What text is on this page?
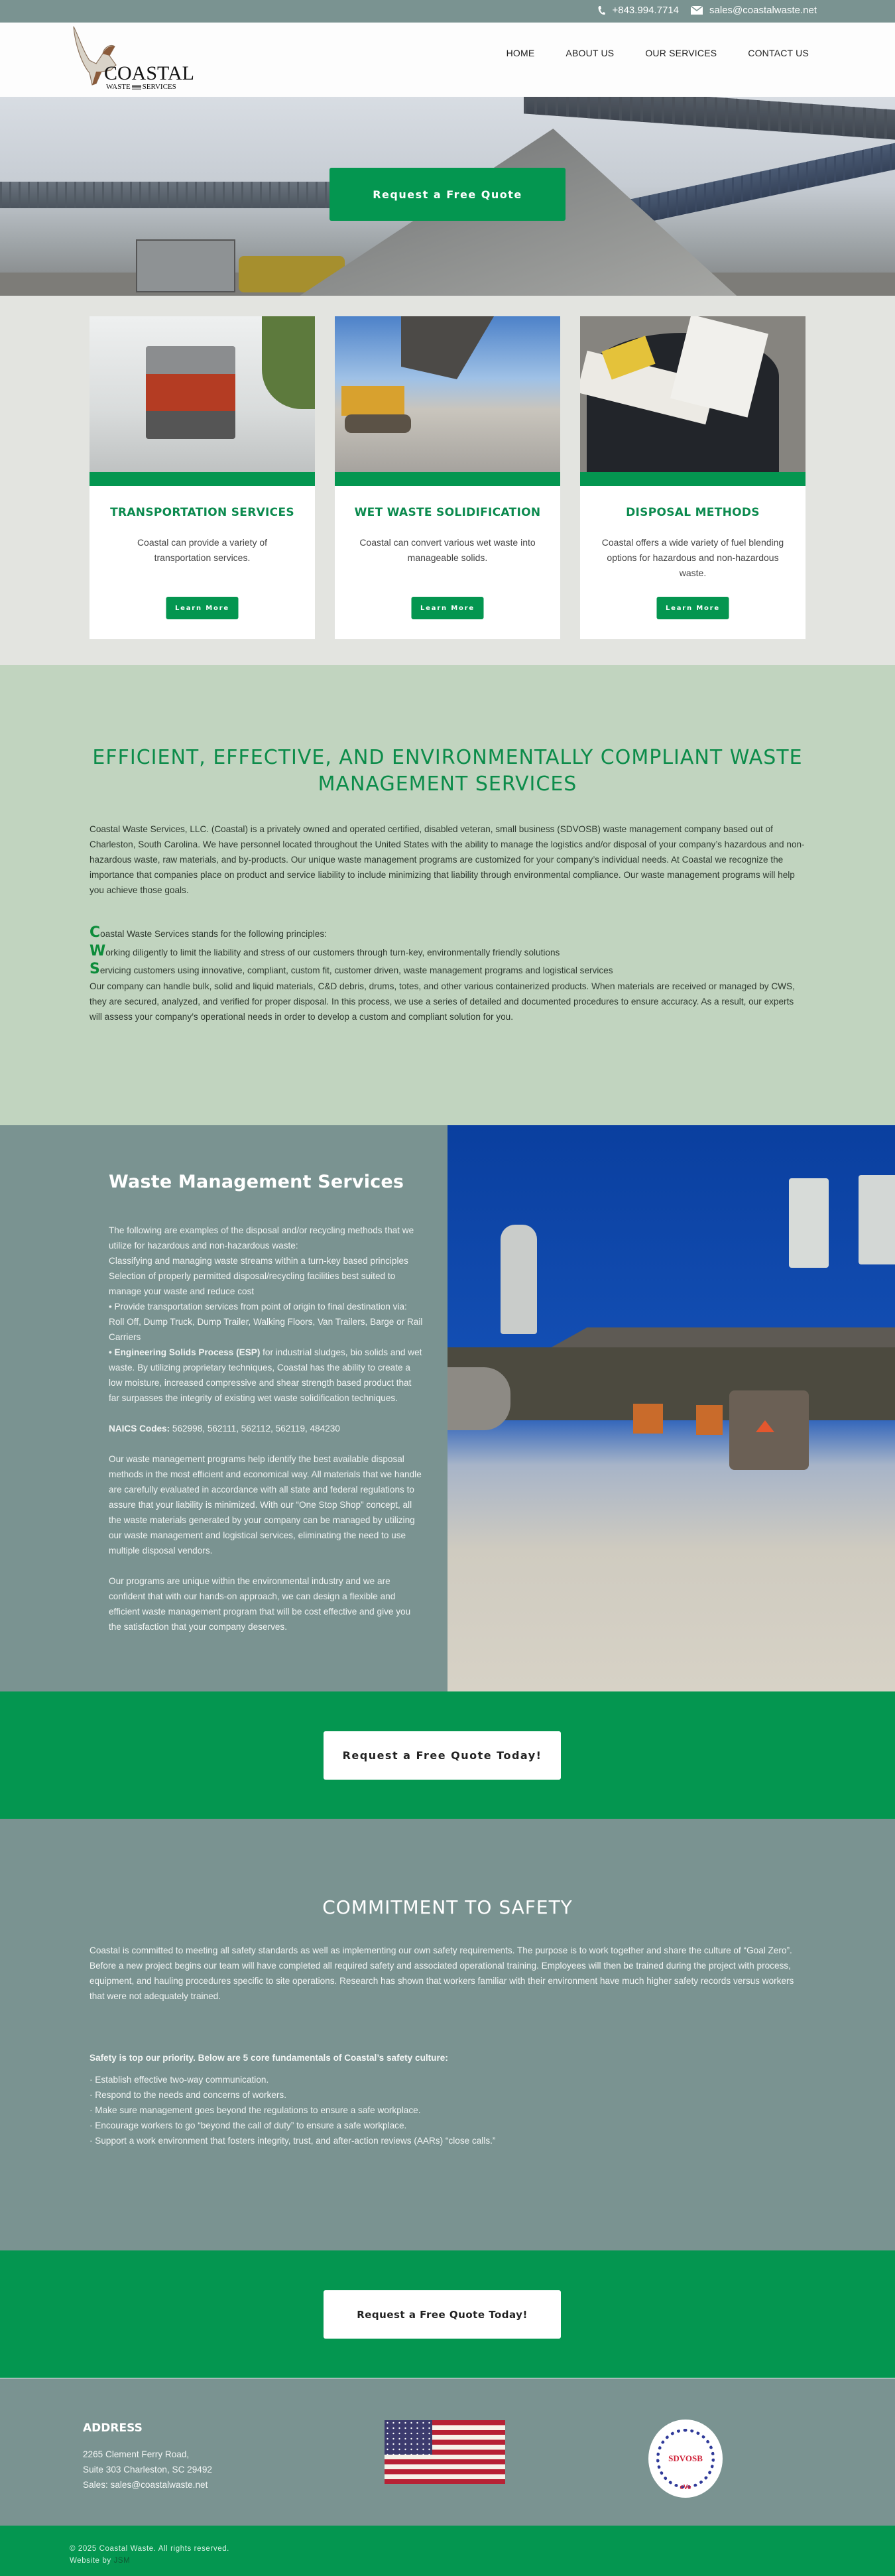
+843.994.7714	sales@coastalwaste.net
COASTAL
WASTE SERVICES
HOME	ABOUT US	OUR SERVICES	CONTACT US
Request a Free Quote
TRANSPORTATION SERVICES

Coastal can provide a variety of transportation services.

Learn More
WET WASTE SOLIDIFICATION

Coastal can convert various wet waste into manageable solids.

Learn More
DISPOSAL METHODS

Coastal offers a wide variety of fuel blending options for hazardous and non-hazardous waste.

Learn More
EFFICIENT, EFFECTIVE, AND ENVIRONMENTALLY COMPLIANT WASTE MANAGEMENT SERVICES

Coastal Waste Services, LLC. (Coastal) is a privately owned and operated certified, disabled veteran, small business (SDVOSB) waste management company based out of Charleston, South Carolina. We have personnel located throughout the United States with the ability to manage the logistics and/or disposal of your company’s hazardous and non-hazardous waste, raw materials, and by-products. Our unique waste management programs are customized for your company’s individual needs. At Coastal we recognize the importance that companies place on product and service liability to include minimizing that liability through environmental compliance. Our waste management programs will help you achieve those goals.

Coastal Waste Services stands for the following principles:
Working diligently to limit the liability and stress of our customers through turn-key, environmentally friendly solutions
Servicing customers using innovative, compliant, custom fit, customer driven, waste management programs and logistical services

Our company can handle bulk, solid and liquid materials, C&D debris, drums, totes, and other various containerized products. When materials are received or managed by CWS, they are secured, analyzed, and verified for proper disposal. In this process, we use a series of detailed and documented procedures to ensure accuracy. As a result, our experts will assess your company’s operational needs in order to develop a custom and compliant solution for you.

Waste Management Services
The following are examples of the disposal and/or recycling methods that we utilize for hazardous and non-hazardous waste:
Classifying and managing waste streams within a turn-key based principles
Selection of properly permitted disposal/recycling facilities best suited to manage your waste and reduce cost
• Provide transportation services from point of origin to final destination via: Roll Off, Dump Truck, Dump Trailer, Walking Floors, Van Trailers, Barge or Rail Carriers
• Engineering Solids Process (ESP) for industrial sludges, bio solids and wet waste. By utilizing proprietary techniques, Coastal has the ability to create a low moisture, increased compressive and shear strength based product that far surpasses the integrity of existing wet waste solidification techniques.
NAICS Codes: 562998, 562111, 562112, 562119, 484230
Our waste management programs help identify the best available disposal methods in the most efficient and economical way. All materials that we handle are carefully evaluated in accordance with all state and federal regulations to assure that your liability is minimized. With our “One Stop Shop” concept, all the waste materials generated by your company can be managed by utilizing our waste management and logistical services, eliminating the need to use multiple disposal vendors.
Our programs are unique within the environmental industry and we are confident that with our hands-on approach, we can design a flexible and efficient waste management program that will be cost effective and give you the satisfaction that your company deserves.
Request a Free Quote Today!
COMMITMENT TO SAFETY
Coastal is committed to meeting all safety standards as well as implementing our own safety requirements. The purpose is to work together and share the culture of “Goal Zero”.
Before a new project begins our team will have completed all required safety and associated operational training. Employees will then be trained during the project with process, equipment, and hauling procedures specific to site operations. Research has shown that workers familiar with their environment have much higher safety records versus workers that were not adequately trained.
Safety is top our priority. Below are 5 core fundamentals of Coastal’s safety culture:
· Establish effective two-way communication.
· Respond to the needs and concerns of workers.
· Make sure management goes beyond the regulations to ensure a safe workplace.
· Encourage workers to go “beyond the call of duty” to ensure a safe workplace.
· Support a work environment that fosters integrity, trust, and after-action reviews (AARs) “close calls.”
Request a Free Quote Today!
ADDRESS
2265 Clement Ferry Road,
Suite 303 Charleston, SC 29492
Sales: sales@coastalwaste.net
SDVOSB
cVe
© 2025 Coastal Waste. All rights reserved.
Website by JSM
